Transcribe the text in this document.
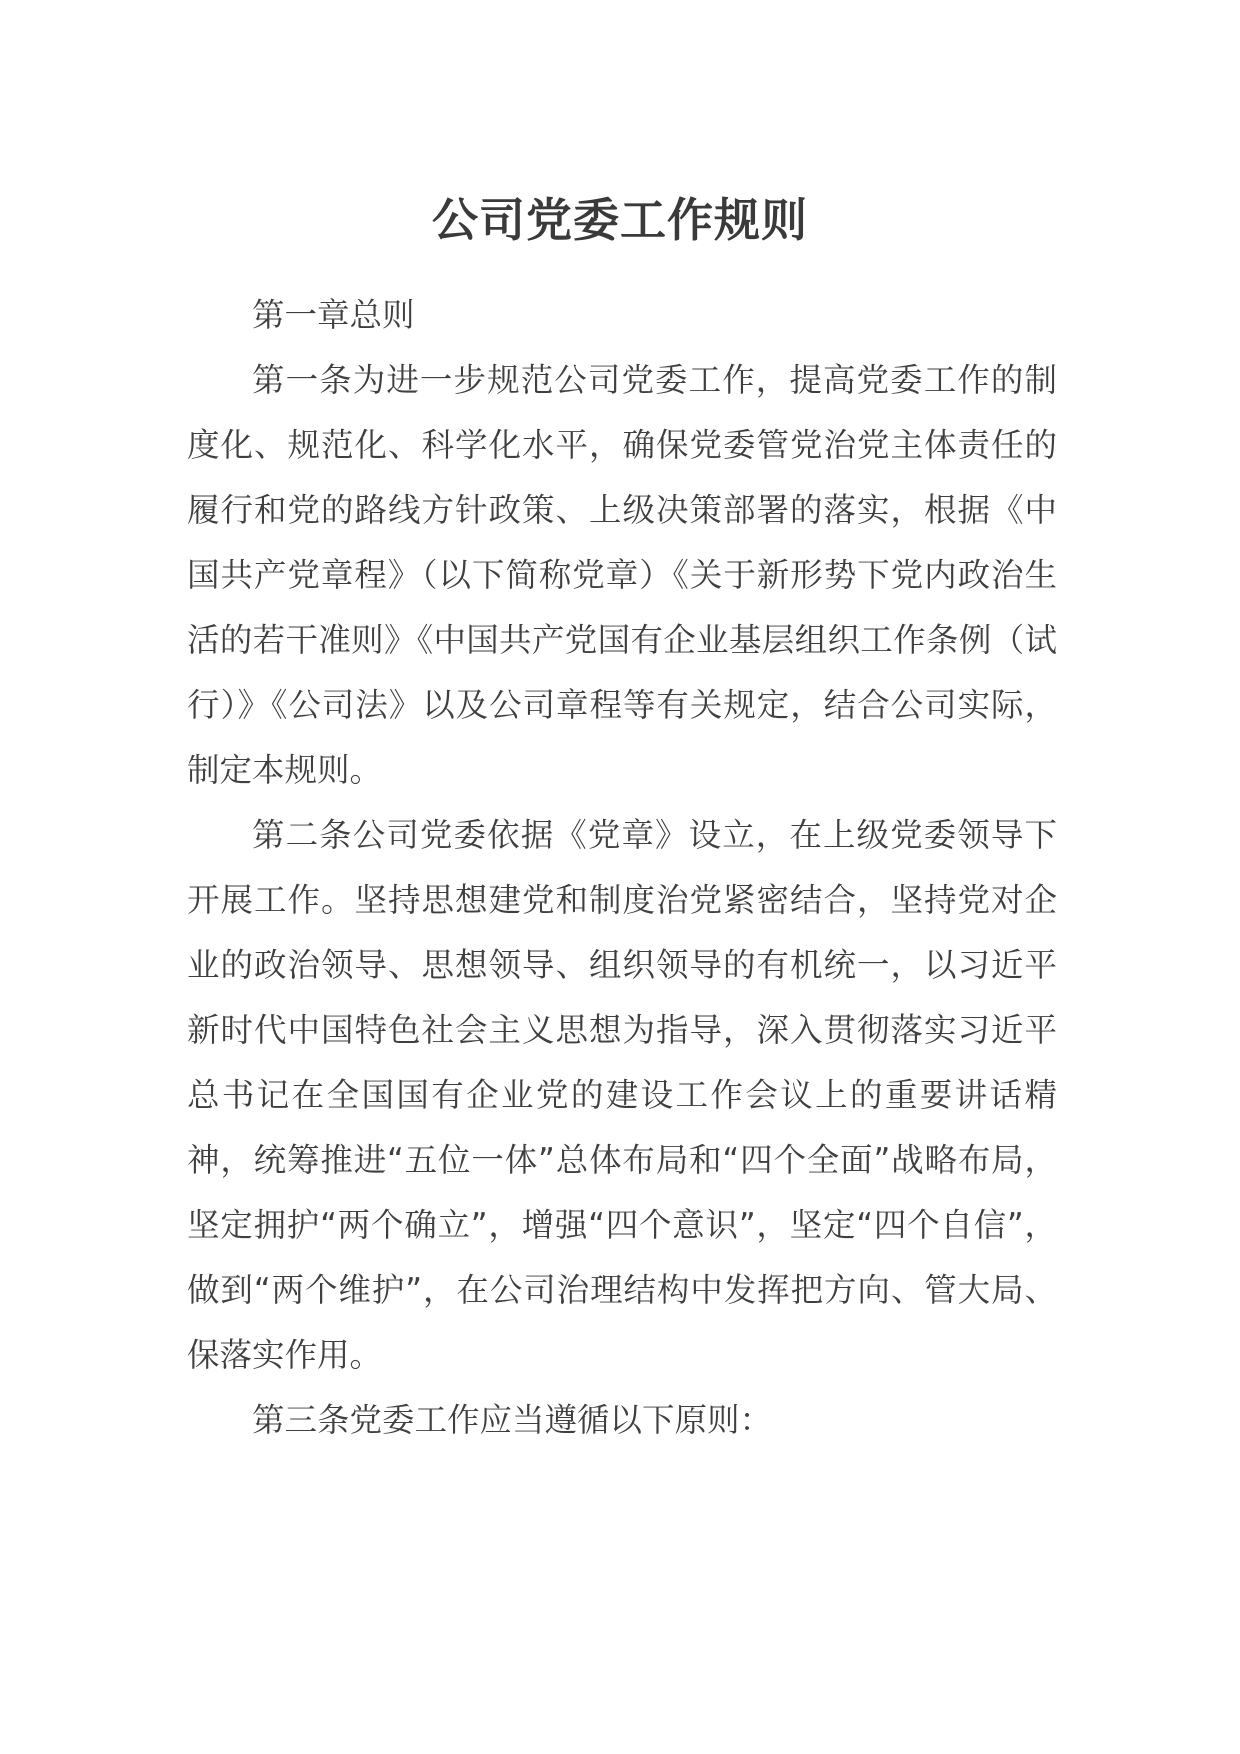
公司党委工作规则

第一章总则

第一条为进一步规范公司党委工作，提高党委工作的制度化、规范化、科学化水平，确保党委管党治党主体责任的履行和党的路线方针政策、上级决策部署的落实，根据《中国共产党章程》（以下简称党章）《关于新形势下党内政治生活的若干准则》《中国共产党国有企业基层组织工作条例（试行）》《公司法》以及公司章程等有关规定，结合公司实际，制定本规则。

第二条公司党委依据《党章》设立，在上级党委领导下开展工作。坚持思想建党和制度治党紧密结合，坚持党对企业的政治领导、思想领导、组织领导的有机统一，以习近平新时代中国特色社会主义思想为指导，深入贯彻落实习近平总书记在全国国有企业党的建设工作会议上的重要讲话精神，统筹推进“五位一体”总体布局和“四个全面”战略布局，坚定拥护“两个确立”，增强“四个意识”，坚定“四个自信”，做到“两个维护”，在公司治理结构中发挥把方向、管大局、保落实作用。

第三条党委工作应当遵循以下原则：
